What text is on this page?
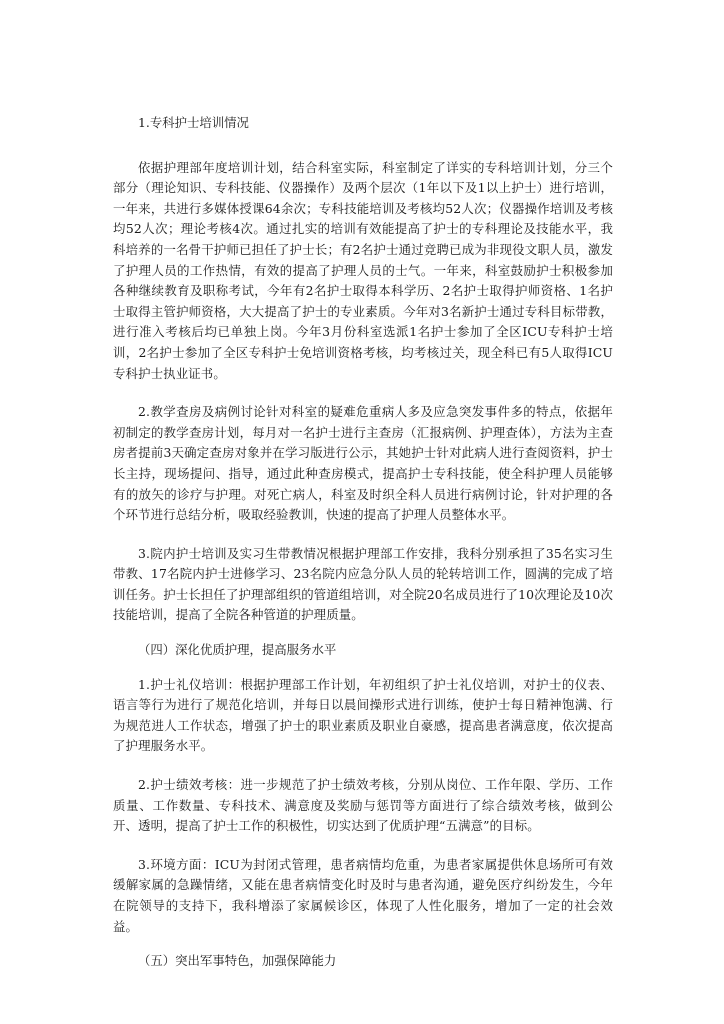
1.专科护士培训情况

依据护理部年度培训计划，结合科室实际，科室制定了详实的专科培训计划，分三个部分（理论知识、专科技能、仪器操作）及两个层次（1年以下及1以上护士）进行培训，一年来，共进行多媒体授课64余次；专科技能培训及考核均52人次；仪器操作培训及考核均52人次；理论考核4次。通过扎实的培训有效能提高了护士的专科理论及技能水平，我科培养的一名骨干护师已担任了护士长；有2名护士通过竞聘已成为非现役文职人员，激发了护理人员的工作热情，有效的提高了护理人员的士气。一年来，科室鼓励护士积极参加各种继续教育及职称考试，今年有2名护士取得本科学历、2名护士取得护师资格、1名护士取得主管护师资格，大大提高了护士的专业素质。今年对3名新护士通过专科目标带教，进行准入考核后均已单独上岗。今年3月份科室选派1名护士参加了全区ICU专科护士培训，2名护士参加了全区专科护士免培训资格考核，均考核过关，现全科已有5人取得ICU专科护士执业证书。

2.教学查房及病例讨论针对科室的疑难危重病人多及应急突发事件多的特点，依据年初制定的教学查房计划，每月对一名护士进行主查房（汇报病例、护理查体），方法为主查房者提前3天确定查房对象并在学习版进行公示，其她护士针对此病人进行查阅资料，护士长主持，现场提问、指导，通过此种查房模式，提高护士专科技能，使全科护理人员能够有的放矢的诊疗与护理。对死亡病人，科室及时织全科人员进行病例讨论，针对护理的各个环节进行总结分析，吸取经验教训，快速的提高了护理人员整体水平。

3.院内护士培训及实习生带教情况根据护理部工作安排，我科分别承担了35名实习生带教、17名院内护士进修学习、23名院内应急分队人员的轮转培训工作，圆满的完成了培训任务。护士长担任了护理部组织的管道组培训，对全院20名成员进行了10次理论及10次技能培训，提高了全院各种管道的护理质量。

（四）深化优质护理，提高服务水平

1.护士礼仪培训：根据护理部工作计划，年初组织了护士礼仪培训，对护士的仪表、语言等行为进行了规范化培训，并每日以晨间操形式进行训练，使护士每日精神饱满、行为规范进人工作状态，增强了护士的职业素质及职业自豪感，提高患者满意度，依次提高了护理服务水平。

2.护士绩效考核：进一步规范了护士绩效考核，分别从岗位、工作年限、学历、工作质量、工作数量、专科技术、满意度及奖励与惩罚等方面进行了综合绩效考核，做到公开、透明，提高了护士工作的积极性，切实达到了优质护理“五满意”的目标。

3.环境方面：ICU为封闭式管理，患者病情均危重，为患者家属提供休息场所可有效缓解家属的急躁情绪，又能在患者病情变化时及时与患者沟通，避免医疗纠纷发生，今年在院领导的支持下，我科增添了家属候诊区，体现了人性化服务，增加了一定的社会效益。

（五）突出军事特色，加强保障能力
